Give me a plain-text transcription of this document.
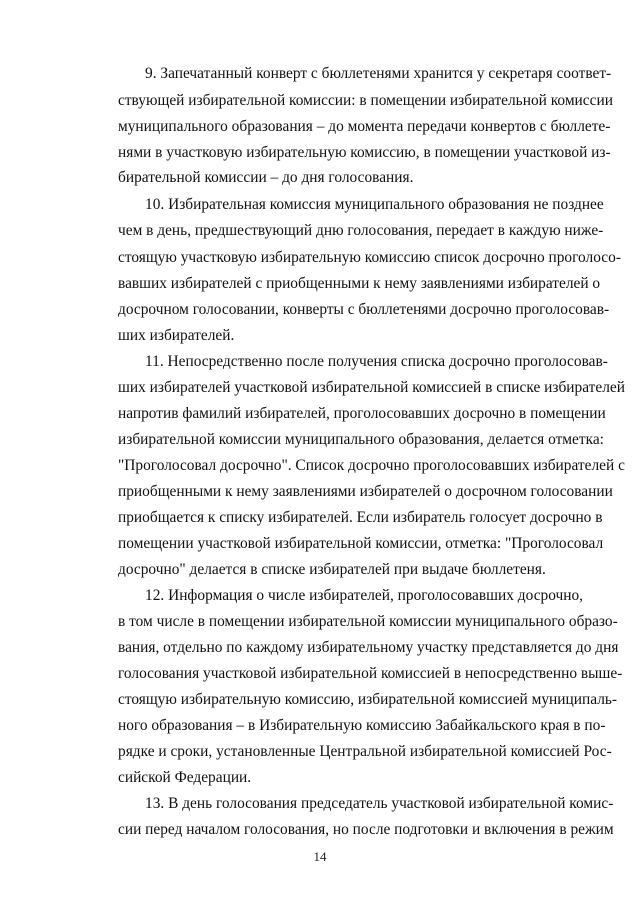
9. Запечатанный конверт с бюллетенями хранится у секретаря соответ-
ствующей избирательной комиссии: в помещении избирательной комиссии
муниципального образования – до момента передачи конвертов с бюллете-
нями в участковую избирательную комиссию, в помещении участковой из-
бирательной комиссии – до дня голосования.
10. Избирательная комиссия муниципального образования не позднее
чем в день, предшествующий дню голосования, передает в каждую ниже-
стоящую участковую избирательную комиссию список досрочно проголосо-
вавших избирателей с приобщенными к нему заявлениями избирателей о
досрочном голосовании, конверты с бюллетенями досрочно проголосовав-
ших избирателей.
11. Непосредственно после получения списка досрочно проголосовав-
ших избирателей участковой избирательной комиссией в списке избирателей
напротив фамилий избирателей, проголосовавших досрочно в помещении
избирательной комиссии муниципального образования, делается отметка:
"Проголосовал досрочно". Список досрочно проголосовавших избирателей с
приобщенными к нему заявлениями избирателей о досрочном голосовании
приобщается к списку избирателей. Если избиратель голосует досрочно в
помещении участковой избирательной комиссии, отметка: "Проголосовал
досрочно" делается в списке избирателей при выдаче бюллетеня.
12. Информация о числе избирателей, проголосовавших досрочно,
в том числе в помещении избирательной комиссии муниципального образо-
вания, отдельно по каждому избирательному участку представляется до дня
голосования участковой избирательной комиссией в непосредственно выше-
стоящую избирательную комиссию, избирательной комиссией муниципаль-
ного образования – в Избирательную комиссию Забайкальского края в по-
рядке и сроки, установленные Центральной избирательной комиссией Рос-
сийской Федерации.
13. В день голосования председатель участковой избирательной комис-
сии перед началом голосования, но после подготовки и включения в режим
14
